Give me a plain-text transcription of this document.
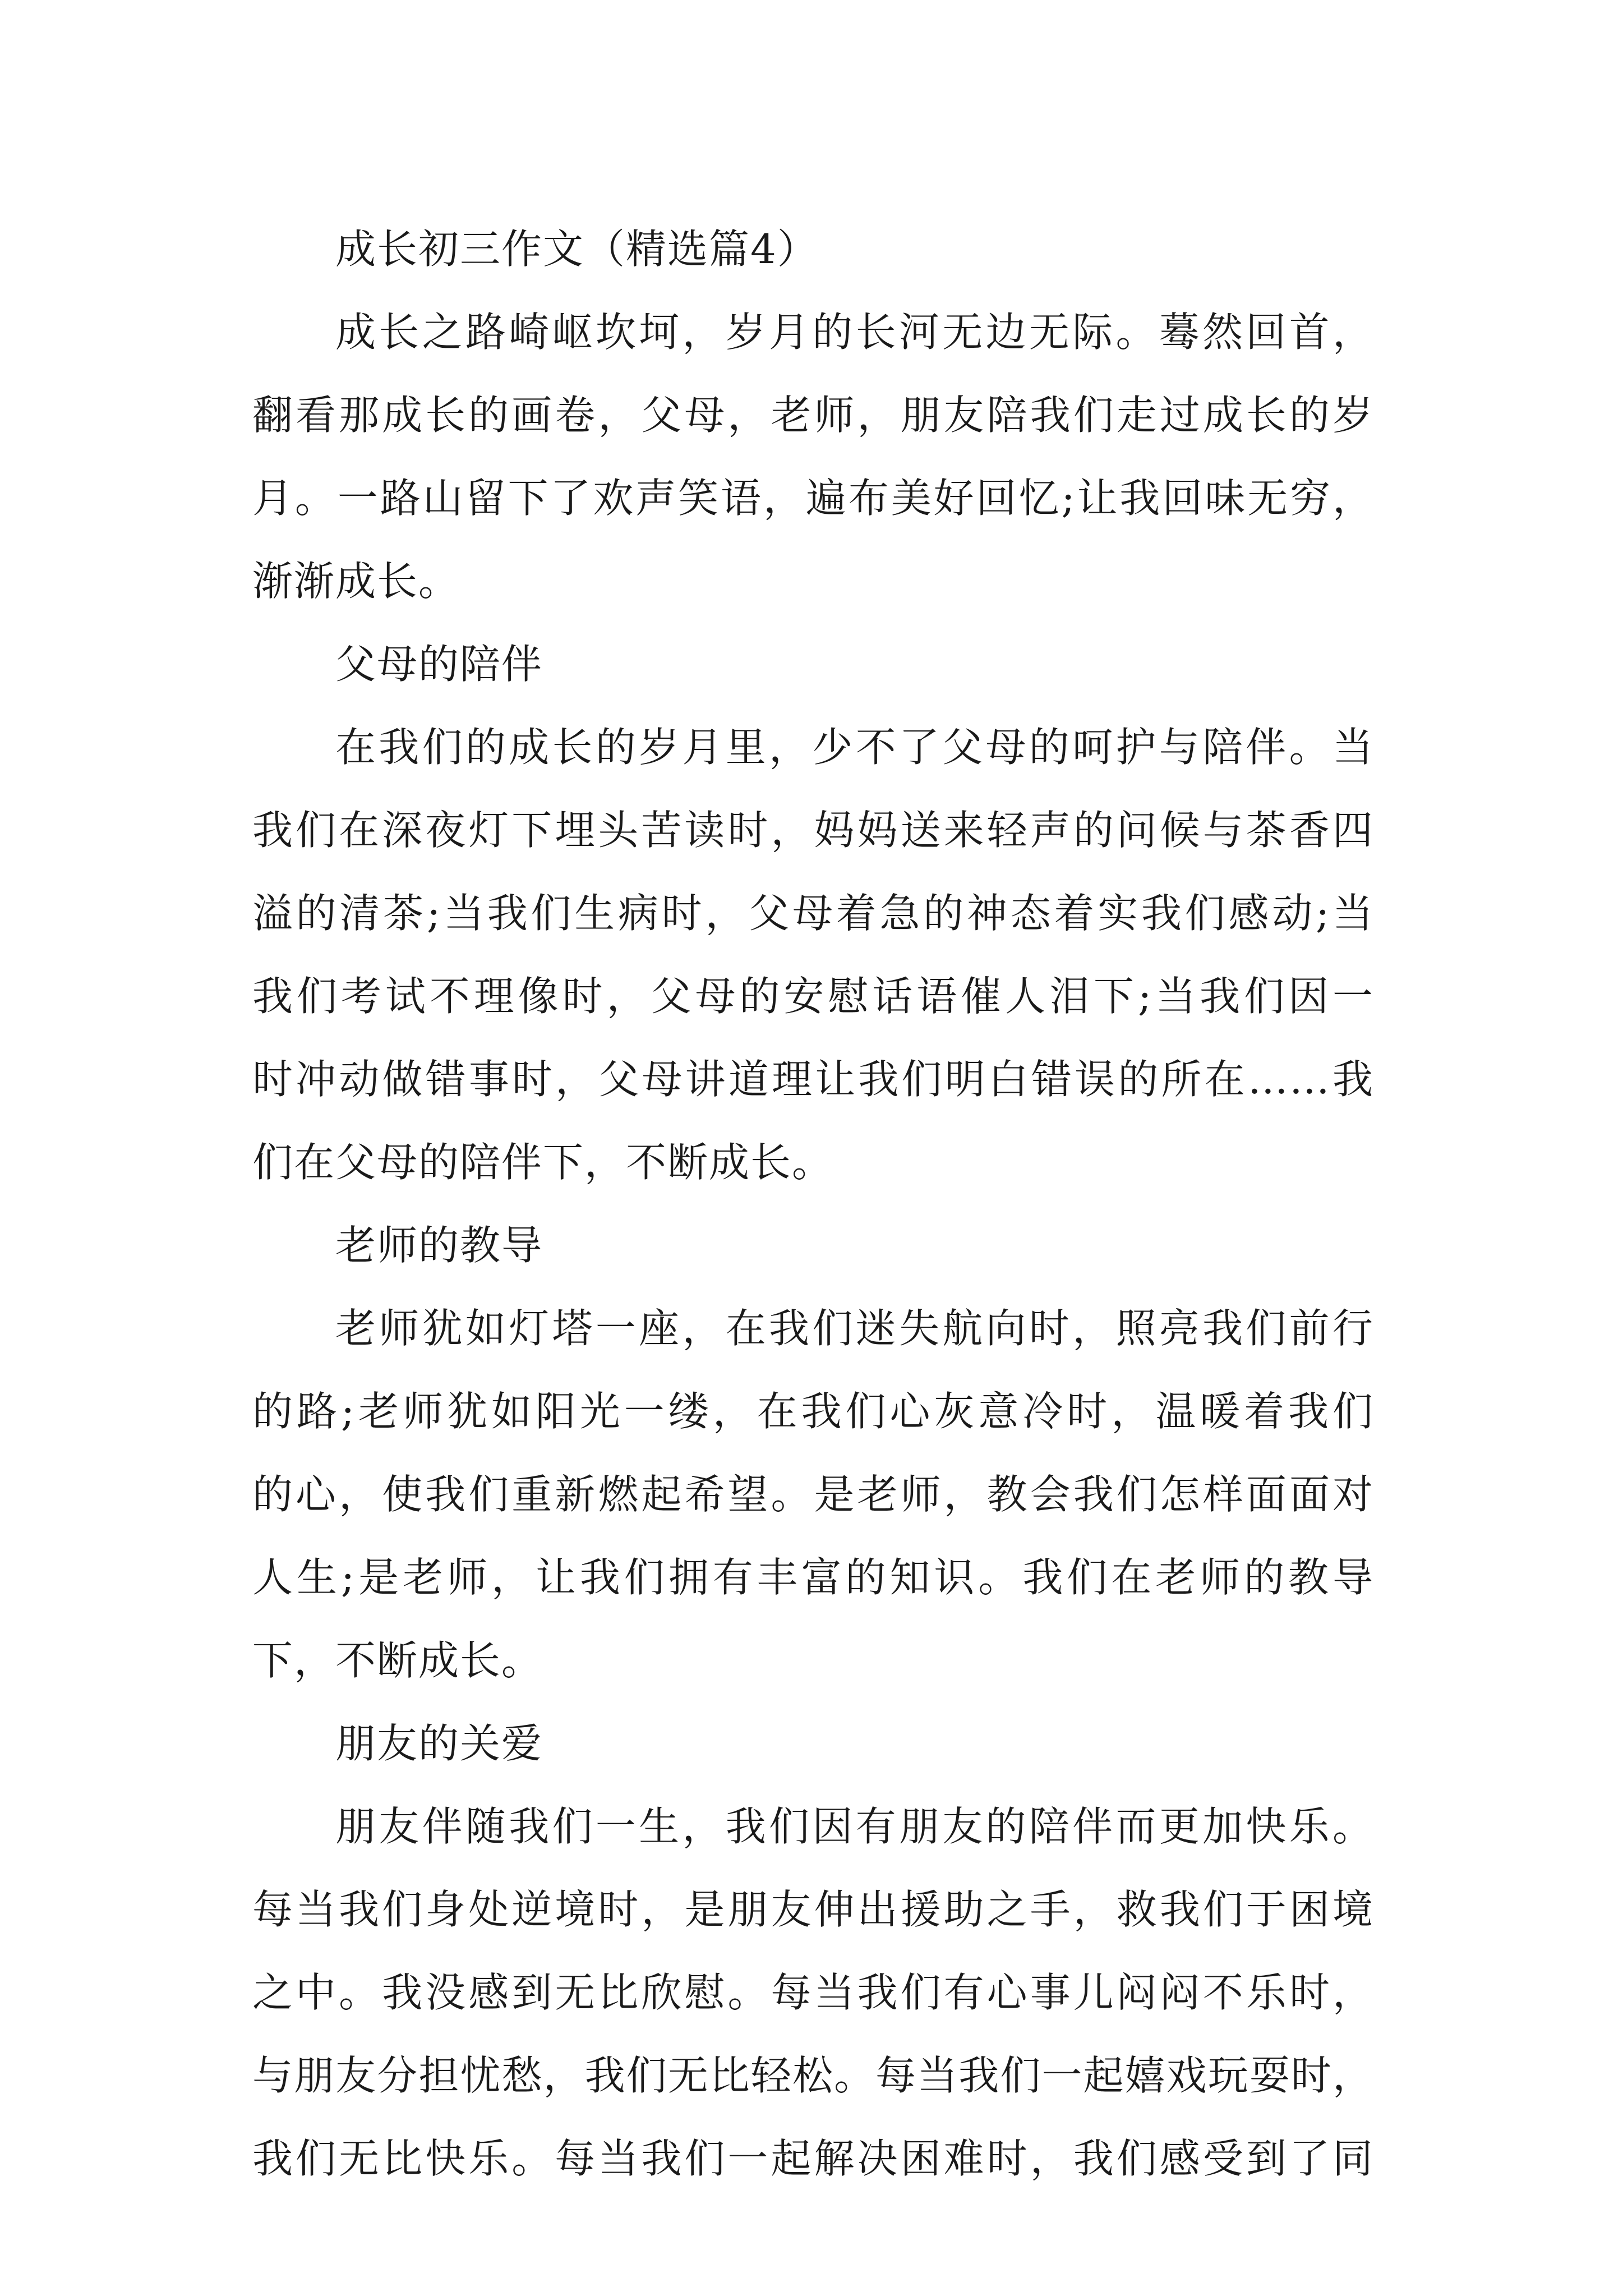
成长初三作文（精选篇4）
成长之路崎岖坎坷，岁月的长河无边无际。蓦然回首，
翻看那成长的画卷，父母，老师，朋友陪我们走过成长的岁
月。一路山留下了欢声笑语，遍布美好回忆;让我回味无穷，
渐渐成长。
父母的陪伴
在我们的成长的岁月里，少不了父母的呵护与陪伴。当
我们在深夜灯下埋头苦读时，妈妈送来轻声的问候与茶香四
溢的清茶;当我们生病时，父母着急的神态着实我们感动;当
我们考试不理像时，父母的安慰话语催人泪下;当我们因一
时冲动做错事时，父母讲道理让我们明白错误的所在……我
们在父母的陪伴下，不断成长。
老师的教导
老师犹如灯塔一座，在我们迷失航向时，照亮我们前行
的路;老师犹如阳光一缕，在我们心灰意冷时，温暖着我们
的心，使我们重新燃起希望。是老师，教会我们怎样面面对
人生;是老师，让我们拥有丰富的知识。我们在老师的教导
下，不断成长。
朋友的关爱
朋友伴随我们一生，我们因有朋友的陪伴而更加快乐。
每当我们身处逆境时，是朋友伸出援助之手，救我们于困境
之中。我没感到无比欣慰。每当我们有心事儿闷闷不乐时，
与朋友分担忧愁，我们无比轻松。每当我们一起嬉戏玩耍时，
我们无比快乐。每当我们一起解决困难时，我们感受到了同
